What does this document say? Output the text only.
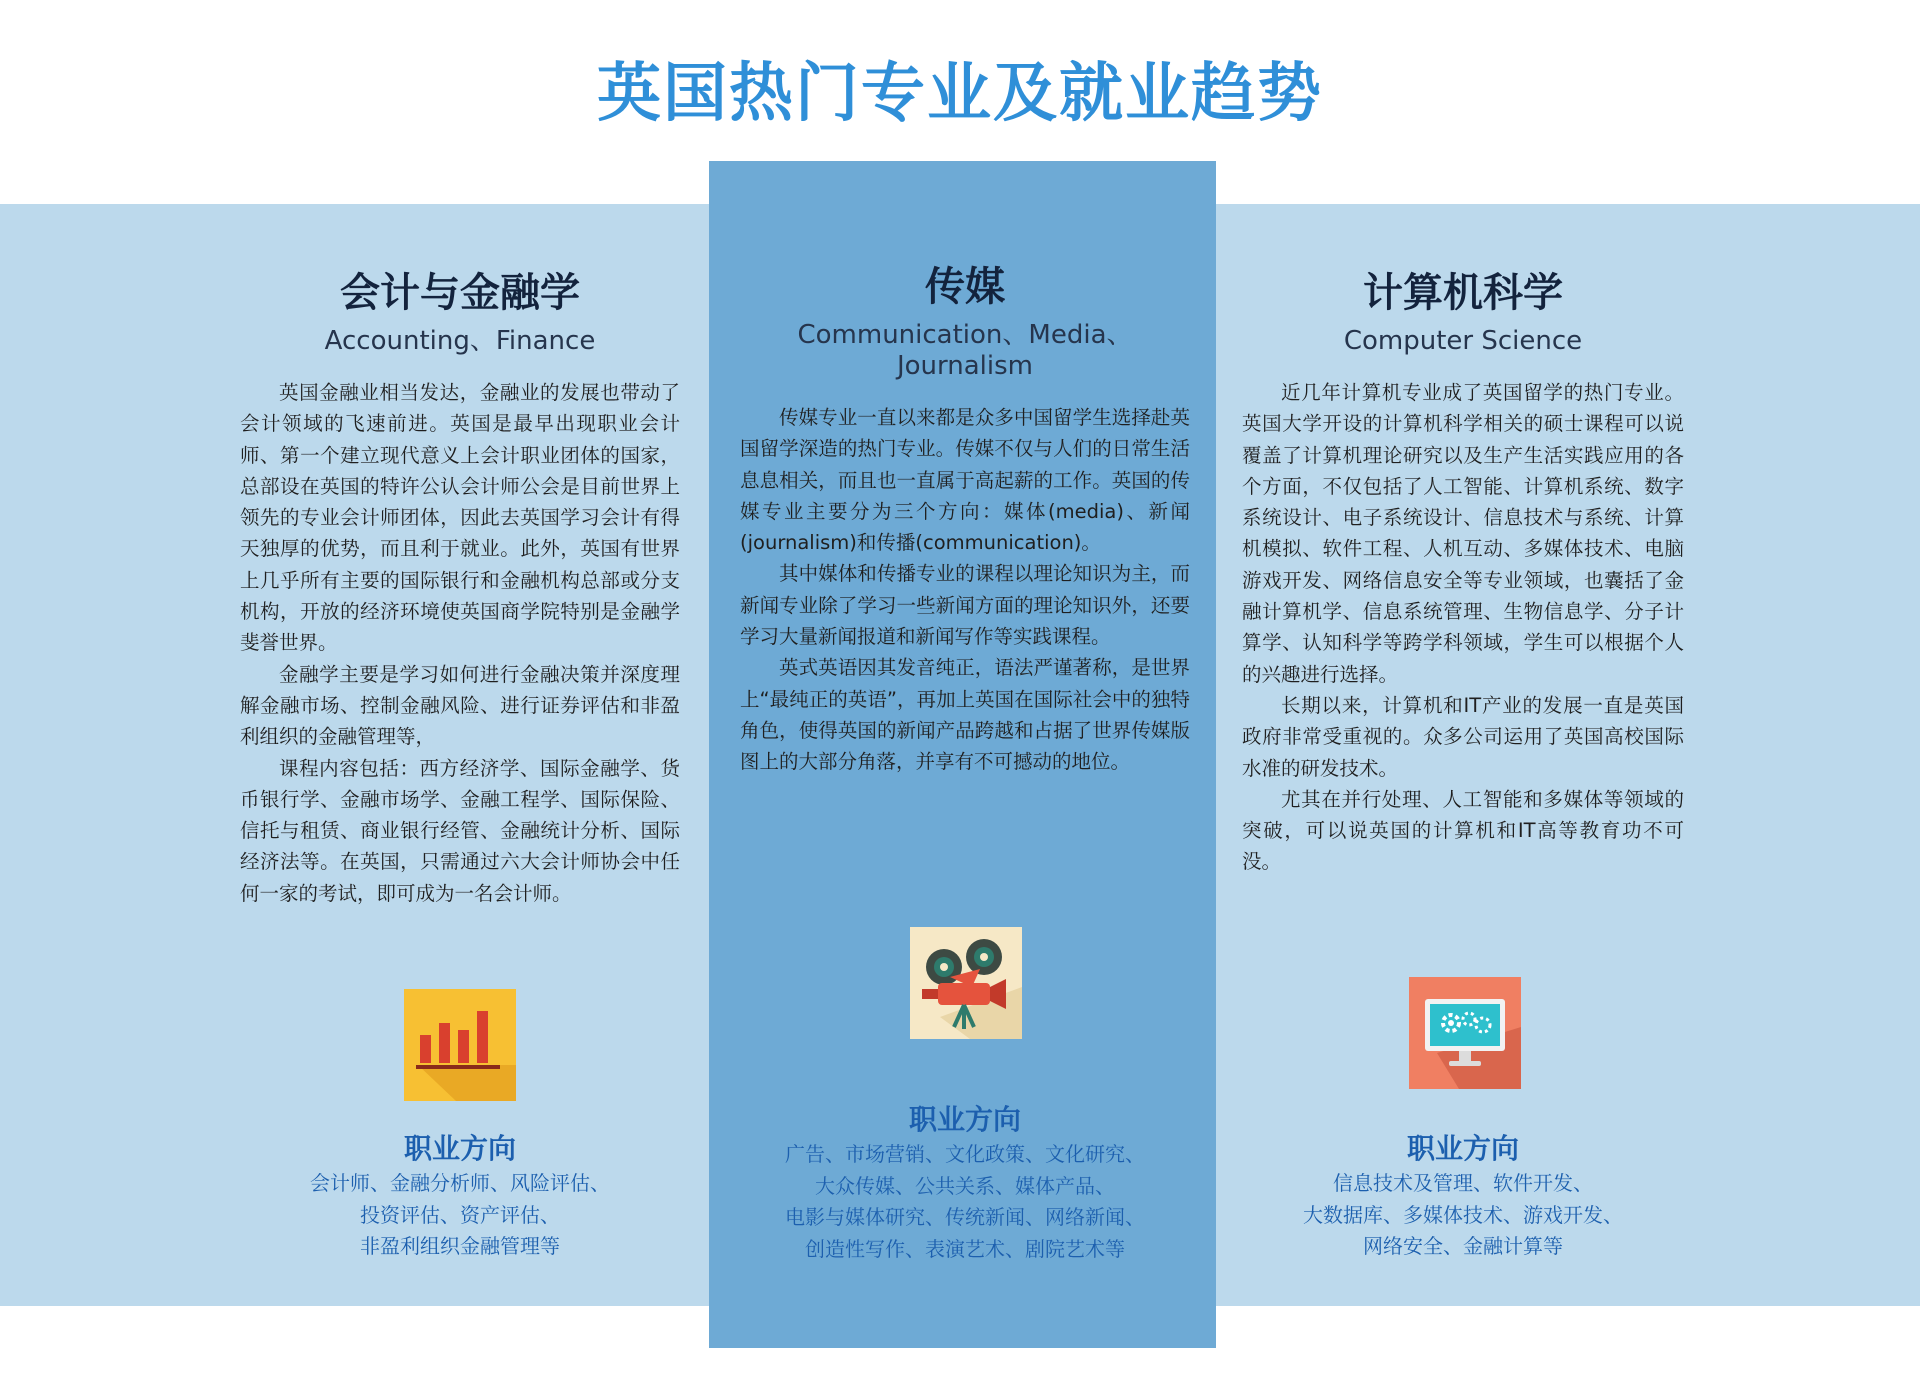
英国热门专业及就业趋势
会计与金融学
Accounting、Finance

英国金融业相当发达，金融业的发展也带动了会计领域的飞速前进。英国是最早出现职业会计师、第一个建立现代意义上会计职业团体的国家，总部设在英国的特许公认会计师公会是目前世界上领先的专业会计师团体，因此去英国学习会计有得天独厚的优势，而且利于就业。此外，英国有世界上几乎所有主要的国际银行和金融机构总部或分支机构，开放的经济环境使英国商学院特别是金融学斐誉世界。

金融学主要是学习如何进行金融决策并深度理解金融市场、控制金融风险、进行证券评估和非盈利组织的金融管理等，

课程内容包括：西方经济学、国际金融学、货币银行学、金融市场学、金融工程学、国际保险、信托与租赁、商业银行经管、金融统计分析、国际经济法等。在英国，只需通过六大会计师协会中任何一家的考试，即可成为一名会计师。

传媒
Communication、Media、
Journalism

传媒专业一直以来都是众多中国留学生选择赴英国留学深造的热门专业。传媒不仅与人们的日常生活息息相关，而且也一直属于高起薪的工作。英国的传媒专业主要分为三个方向：媒体(media)、新闻(journalism)和传播(communication)。

其中媒体和传播专业的课程以理论知识为主，而新闻专业除了学习一些新闻方面的理论知识外，还要学习大量新闻报道和新闻写作等实践课程。

英式英语因其发音纯正，语法严谨著称，是世界上“最纯正的英语”，再加上英国在国际社会中的独特角色，使得英国的新闻产品跨越和占据了世界传媒版图上的大部分角落，并享有不可撼动的地位。

计算机科学
Computer Science

近几年计算机专业成了英国留学的热门专业。英国大学开设的计算机科学相关的硕士课程可以说覆盖了计算机理论研究以及生产生活实践应用的各个方面，不仅包括了人工智能、计算机系统、数字系统设计、电子系统设计、信息技术与系统、计算机模拟、软件工程、人机互动、多媒体技术、电脑游戏开发、网络信息安全等专业领域，也囊括了金融计算机学、信息系统管理、生物信息学、分子计算学、认知科学等跨学科领域，学生可以根据个人的兴趣进行选择。

长期以来，计算机和IT产业的发展一直是英国政府非常受重视的。众多公司运用了英国高校国际水准的研发技术。

尤其在并行处理、人工智能和多媒体等领域的突破，可以说英国的计算机和IT高等教育功不可没。

职业方向
会计师、金融分析师、风险评估、
投资评估、资产评估、
非盈利组织金融管理等
职业方向
广告、市场营销、文化政策、文化研究、
大众传媒、公共关系、媒体产品、
电影与媒体研究、传统新闻、网络新闻、
创造性写作、表演艺术、剧院艺术等
职业方向
信息技术及管理、软件开发、
大数据库、多媒体技术、游戏开发、
网络安全、金融计算等
